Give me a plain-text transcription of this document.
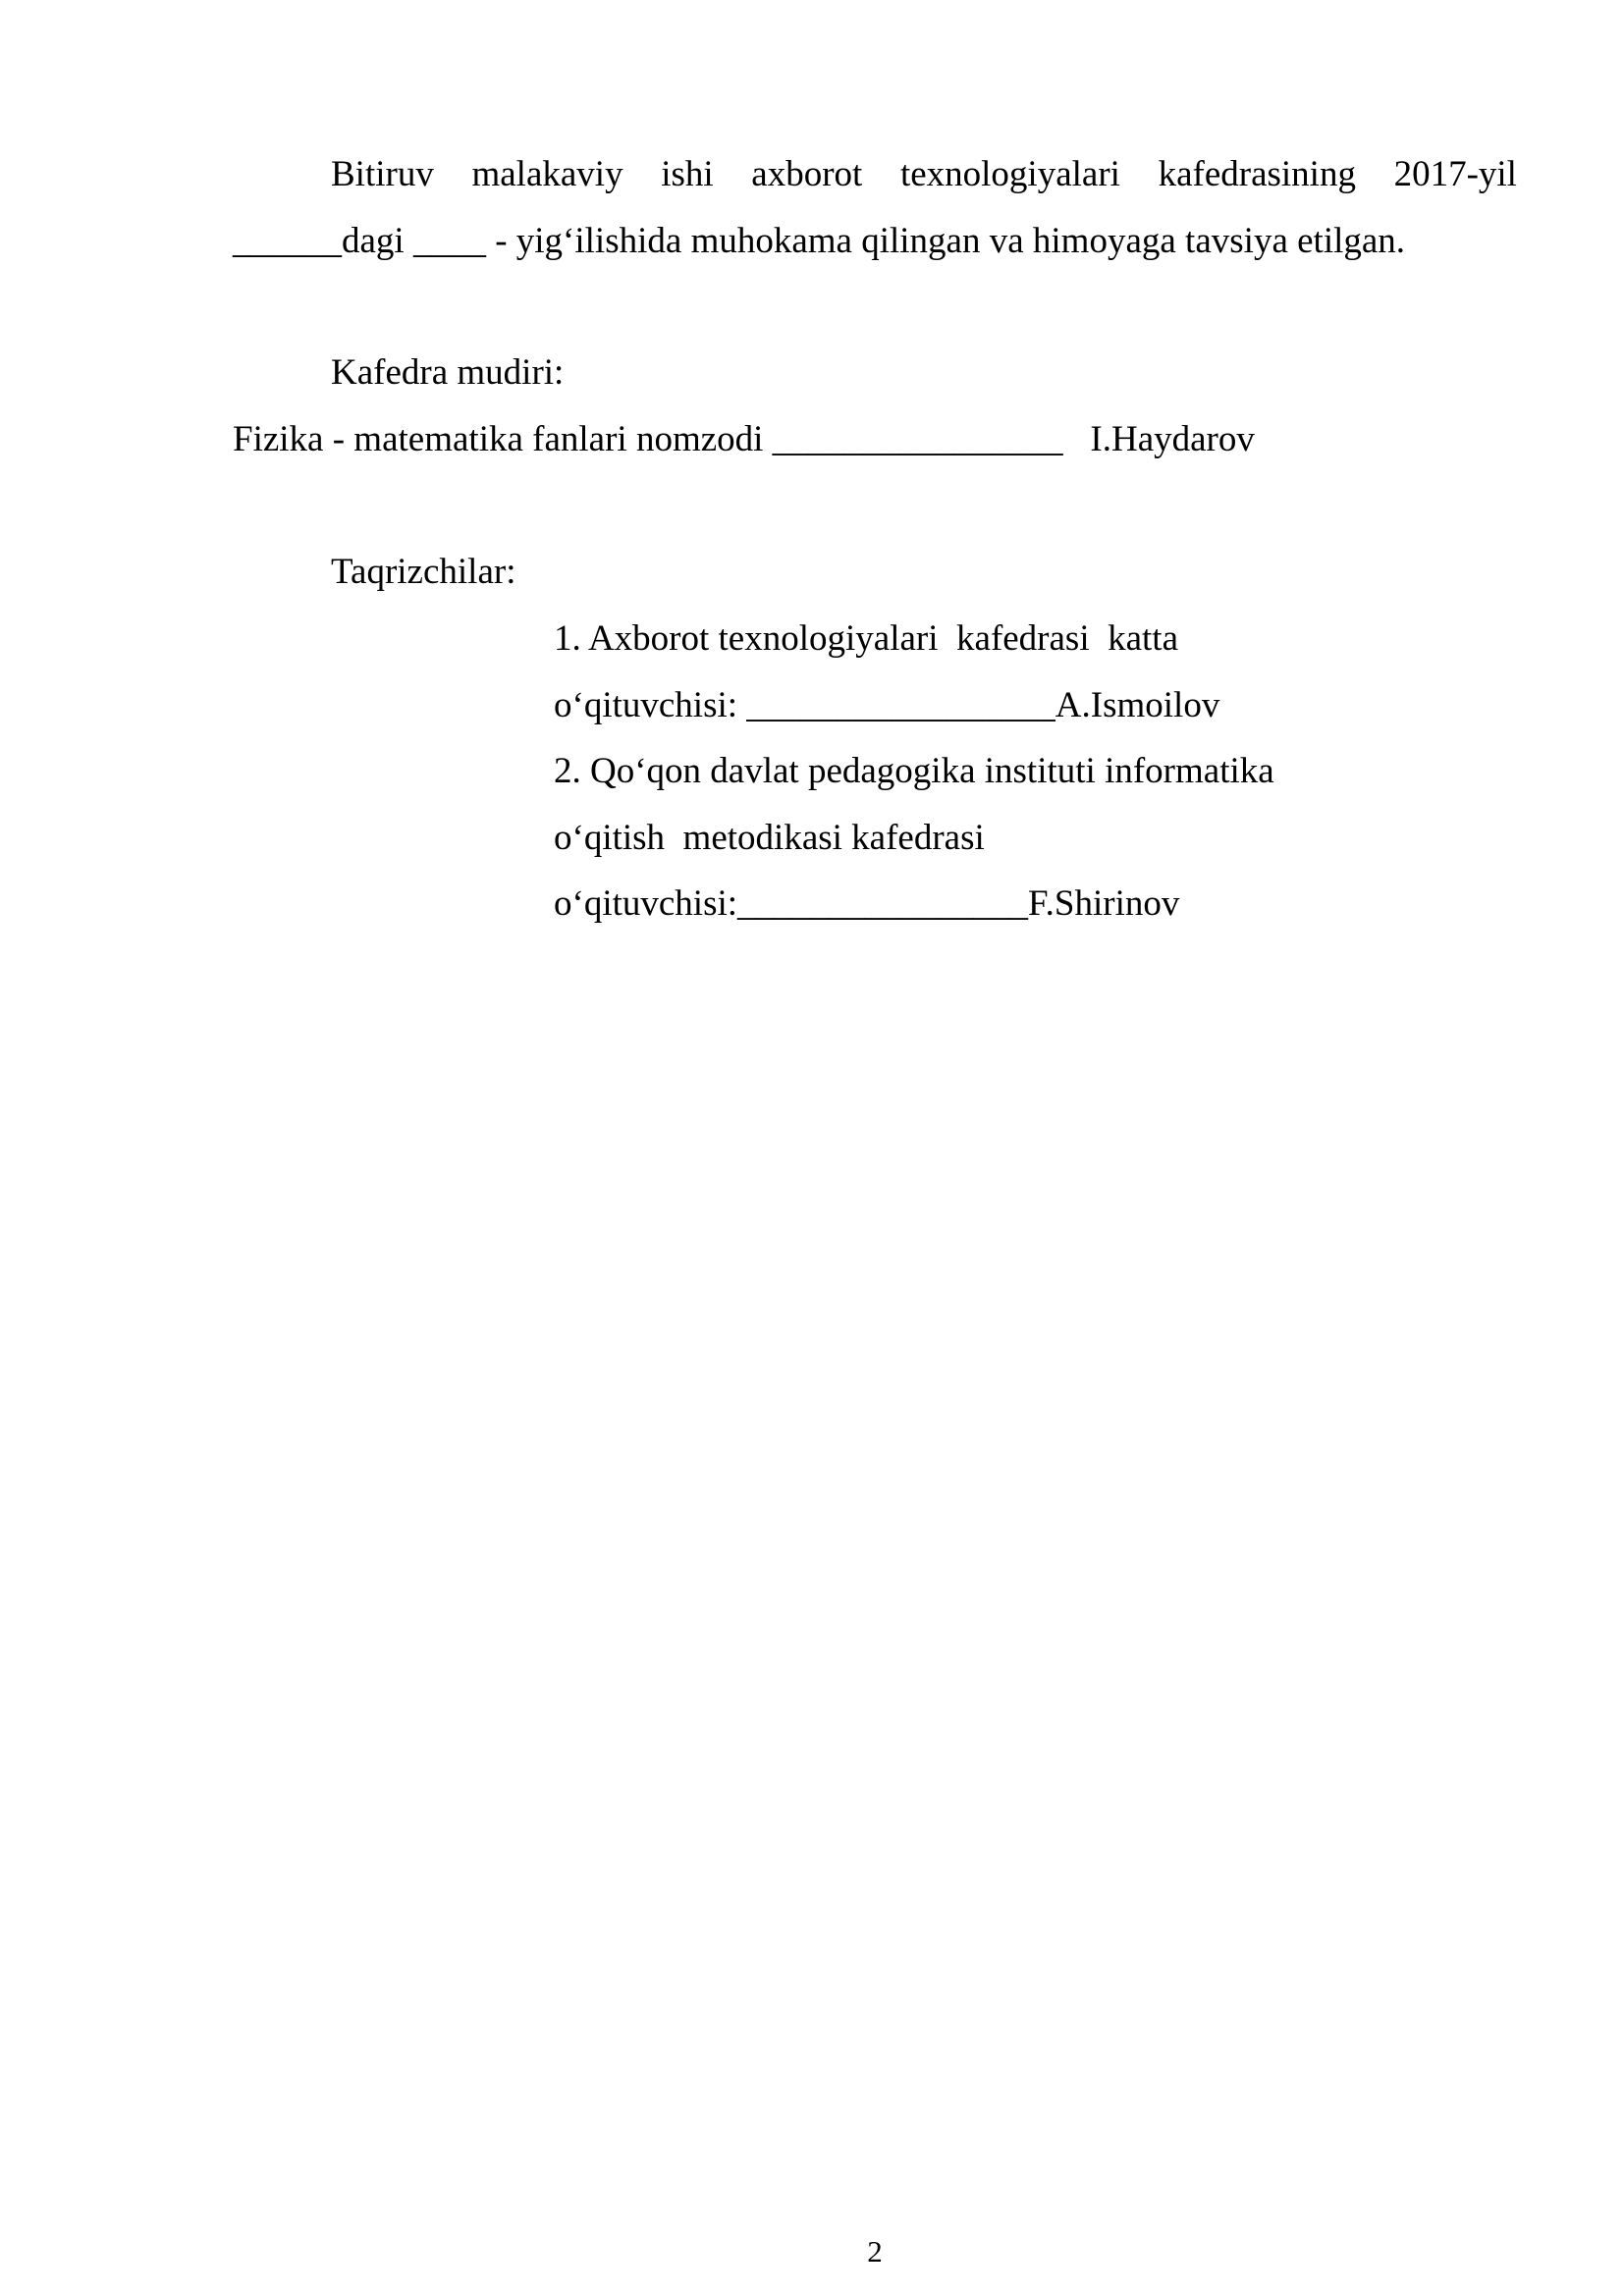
Bitiruv malakaviy ishi axborot texnologiyalari kafedrasining 2017-yil
______dagi ____ - yig‘ilishida muhokama qilingan va himoyaga tavsiya etilgan.
Kafedra mudiri:
Fizika - matematika fanlari nomzodi ________________   I.Haydarov
Taqrizchilar:
1. Axborot texnologiyalari  kafedrasi  katta
o‘qituvchisi: _________________A.Ismoilov
2. Qo‘qon davlat pedagogika instituti informatika
o‘qitish  metodikasi kafedrasi
o‘qituvchisi:________________F.Shirinov
2
